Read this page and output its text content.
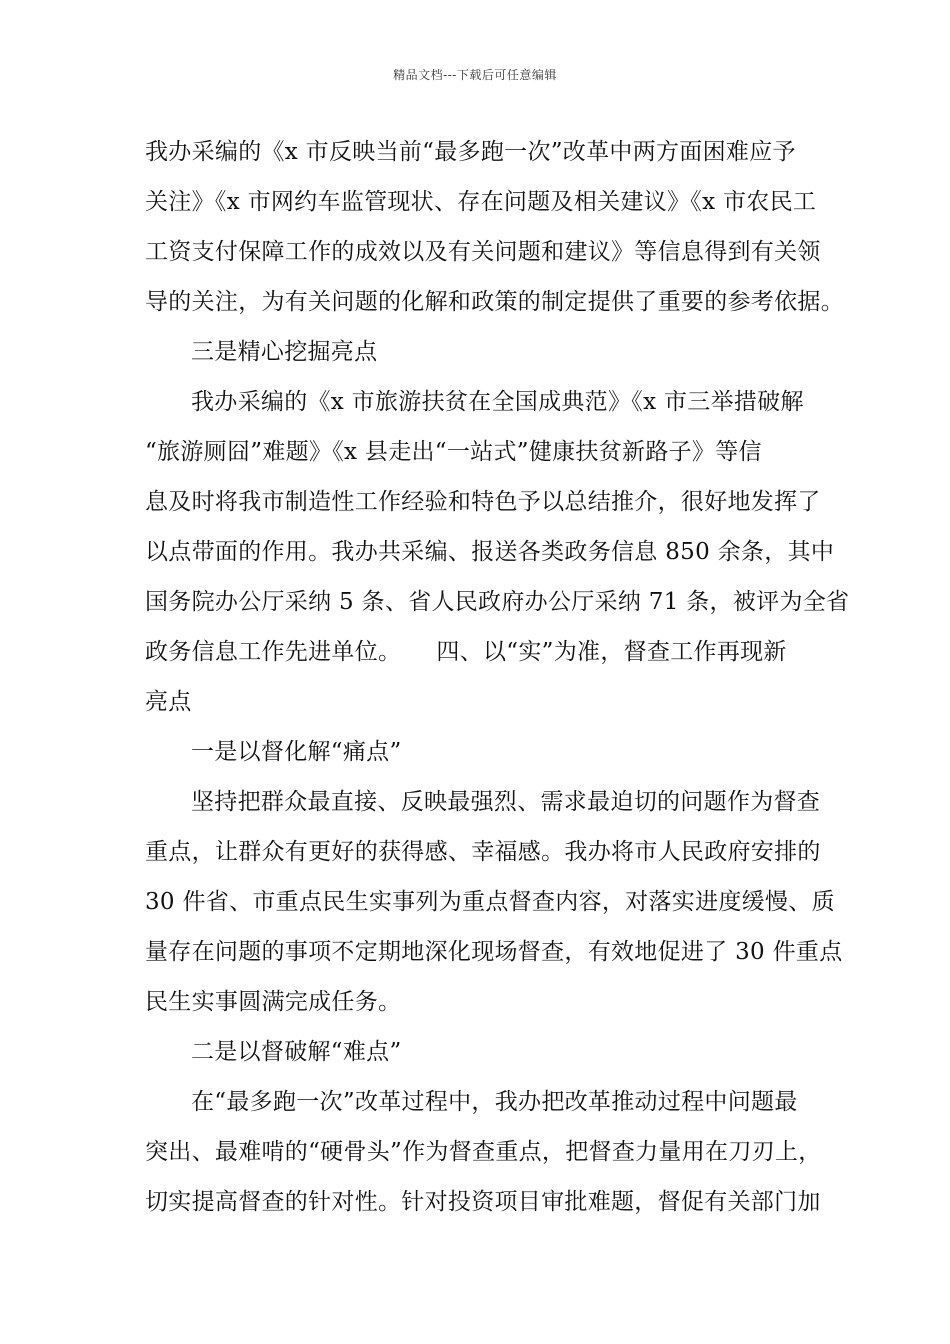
精品文档---下载后可任意编辑
我办采编的《x 市反映当前“最多跑一次”改革中两方面困难应予
关注》《x 市网约车监管现状、存在问题及相关建议》《x 市农民工
工资支付保障工作的成效以及有关问题和建议》等信息得到有关领
导的关注，为有关问题的化解和政策的制定提供了重要的参考依据。
三是精心挖掘亮点
我办采编的《x 市旅游扶贫在全国成典范》《x 市三举措破解
“旅游厕囧”难题》《x 县走出“一站式”健康扶贫新路子》等信
息及时将我市制造性工作经验和特色予以总结推介，很好地发挥了
以点带面的作用。我办共采编、报送各类政务信息 850 余条，其中
国务院办公厅采纳 5 条、省人民政府办公厅采纳 71 条，被评为全省
政务信息工作先进单位。　　四、以“实”为准，督查工作再现新
亮点
一是以督化解“痛点”
坚持把群众最直接、反映最强烈、需求最迫切的问题作为督查
重点，让群众有更好的获得感、幸福感。我办将市人民政府安排的
30 件省、市重点民生实事列为重点督查内容，对落实进度缓慢、质
量存在问题的事项不定期地深化现场督查，有效地促进了 30 件重点
民生实事圆满完成任务。
二是以督破解“难点”
在“最多跑一次”改革过程中，我办把改革推动过程中问题最
突出、最难啃的“硬骨头”作为督查重点，把督查力量用在刀刃上，
切实提高督查的针对性。针对投资项目审批难题，督促有关部门加
